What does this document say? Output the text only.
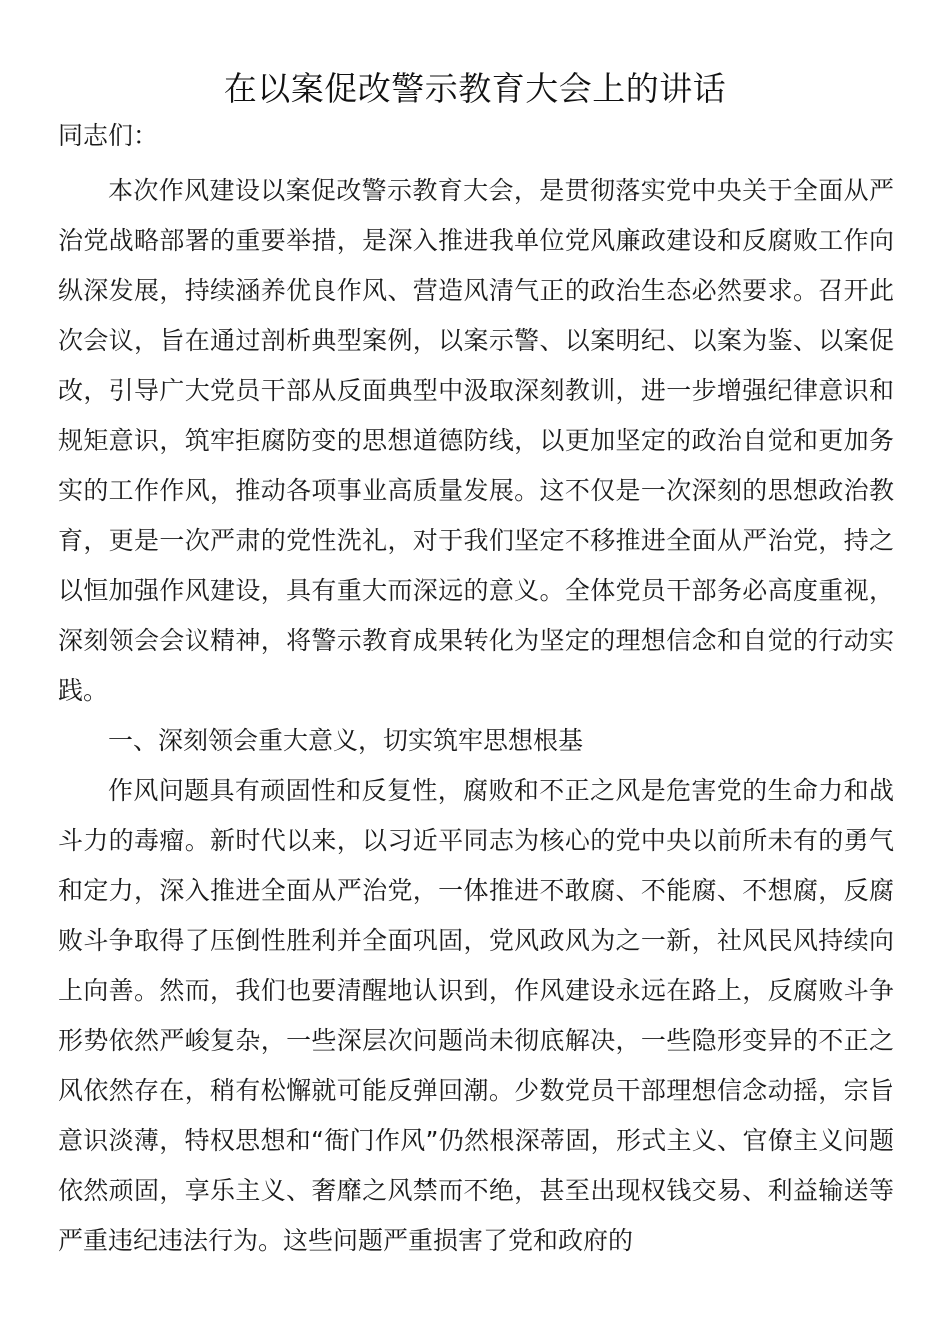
在以案促改警示教育大会上的讲话
同志们：

本次作风建设以案促改警示教育大会，是贯彻落实党中央关于全面从严治党战略部署的重要举措，是深入推进我单位党风廉政建设和反腐败工作向纵深发展，持续涵养优良作风、营造风清气正的政治生态必然要求。召开此次会议，旨在通过剖析典型案例，以案示警、以案明纪、以案为鉴、以案促改，引导广大党员干部从反面典型中汲取深刻教训，进一步增强纪律意识和规矩意识，筑牢拒腐防变的思想道德防线，以更加坚定的政治自觉和更加务实的工作作风，推动各项事业高质量发展。这不仅是一次深刻的思想政治教育，更是一次严肃的党性洗礼，对于我们坚定不移推进全面从严治党，持之以恒加强作风建设，具有重大而深远的意义。全体党员干部务必高度重视，深刻领会会议精神，将警示教育成果转化为坚定的理想信念和自觉的行动实践。

一、深刻领会重大意义，切实筑牢思想根基

作风问题具有顽固性和反复性，腐败和不正之风是危害党的生命力和战斗力的毒瘤。新时代以来，以习近平同志为核心的党中央以前所未有的勇气和定力，深入推进全面从严治党，一体推进不敢腐、不能腐、不想腐，反腐败斗争取得了压倒性胜利并全面巩固，党风政风为之一新，社风民风持续向上向善。然而，我们也要清醒地认识到，作风建设永远在路上，反腐败斗争形势依然严峻复杂，一些深层次问题尚未彻底解决，一些隐形变异的不正之风依然存在，稍有松懈就可能反弹回潮。少数党员干部理想信念动摇，宗旨意识淡薄，特权思想和“衙门作风”仍然根深蒂固，形式主义、官僚主义问题依然顽固，享乐主义、奢靡之风禁而不绝，甚至出现权钱交易、利益输送等严重违纪违法行为。这些问题严重损害了党和政府的
